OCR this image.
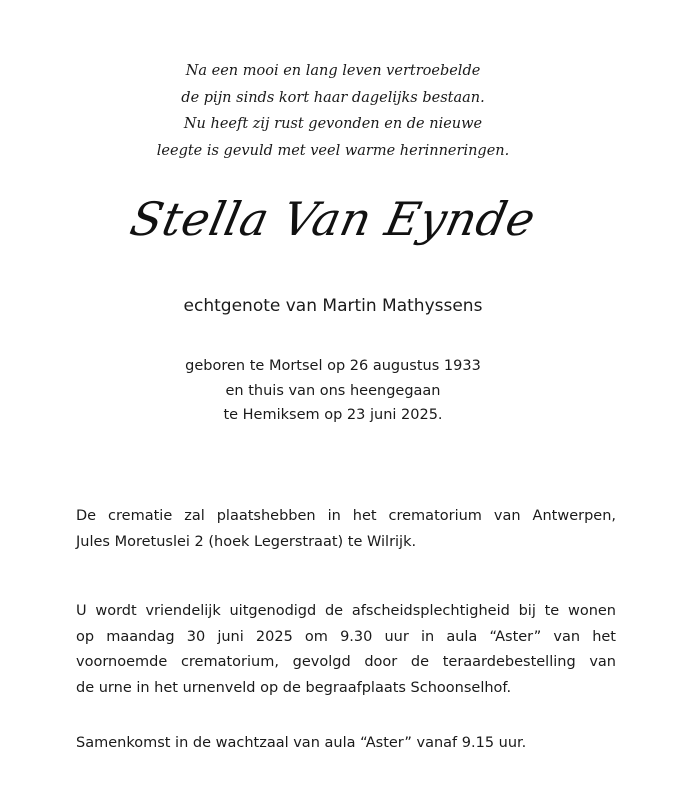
Na een mooi en lang leven vertroebelde
de pijn sinds kort haar dagelijks bestaan.
Nu heeft zij rust gevonden en de nieuwe
leegte is gevuld met veel warme herinneringen.
Stella Van Eynde
echtgenote van Martin Mathyssens
geboren te Mortsel op 26 augustus 1933
en thuis van ons heengegaan
te Hemiksem op 23 juni 2025.
De crematie zal plaatshebben in het crematorium van Antwerpen,
Jules Moretuslei 2 (hoek Legerstraat) te Wilrijk.
U wordt vriendelijk uitgenodigd de afscheidsplechtigheid bij te wonen
op maandag 30 juni 2025 om 9.30 uur in aula “Aster” van het
voornoemde crematorium, gevolgd door de teraardebestelling van
de urne in het urnenveld op de begraafplaats Schoonselhof.
Samenkomst in de wachtzaal van aula “Aster” vanaf 9.15 uur.
